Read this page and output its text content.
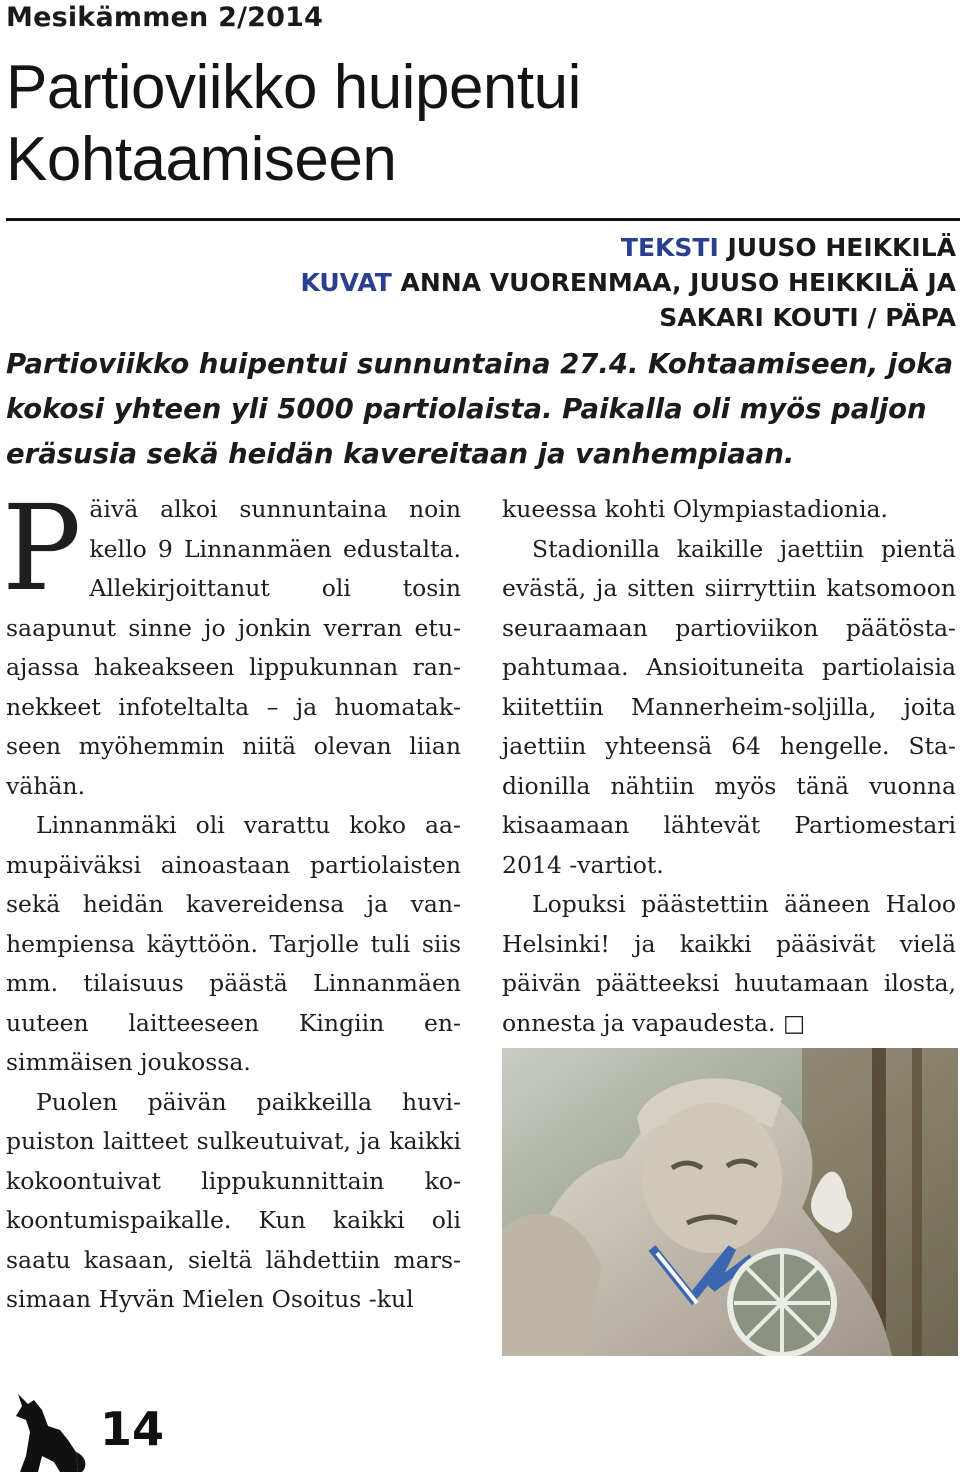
Mesikämmen 2/2014
Partioviikko huipentui
Kohtaamiseen
TEKSTI JUUSO HEIKKILÄ
KUVAT ANNA VUORENMAA, JUUSO HEIKKILÄ JA
SAKARI KOUTI / PÄPA
Partioviikko huipentui sunnuntaina 27.4. Kohtaamiseen, joka kokosi yhteen yli 5000 partiolaista. Paikalla oli myös paljon eräsusia sekä heidän kavereitaan ja vanhempiaan.
P äivä alkoi sunnuntaina noin kello 9 Linnanmäen edustalta. Allekirjoittanut oli tosin saapunut sinne jo jonkin verran etuajassa hakeakseen lippukunnan rannekkeet infoteltalta – ja huomatakseen myöhemmin niitä olevan liian vähän.

Linnanmäki oli varattu koko aamupäiväksi ainoastaan partiolaisten sekä heidän kavereidensa ja vanhempiensa käyttöön. Tarjolle tuli siis mm. tilaisuus päästä Linnanmäen uuteen laitteeseen Kingiin ensimmäisen joukossa.

Puolen päivän paikkeilla huvipuiston laitteet sulkeutuivat, ja kaikki kokoontuivat lippukunnittain kokoontumispaikalle. Kun kaikki oli saatu kasaan, sieltä lähdettiin marssimaan Hyvän Mielen Osoitus -kul

kueessa kohti Olympiastadionia.

Stadionilla kaikille jaettiin pientä evästä, ja sitten siirryttiin katsomoon seuraamaan partioviikon päätöstapahtumaa. Ansioituneita partiolaisia kiitettiin Mannerheim-soljilla, joita jaettiin yhteensä 64 hengelle. Stadionilla nähtiin myös tänä vuonna kisaamaan lähtevät Partiomestari 2014 -vartiot.

Lopuksi päästettiin ääneen Haloo Helsinki! ja kaikki pääsivät vielä päivän päätteeksi huutamaan ilosta, onnesta ja vapaudesta. □

14
